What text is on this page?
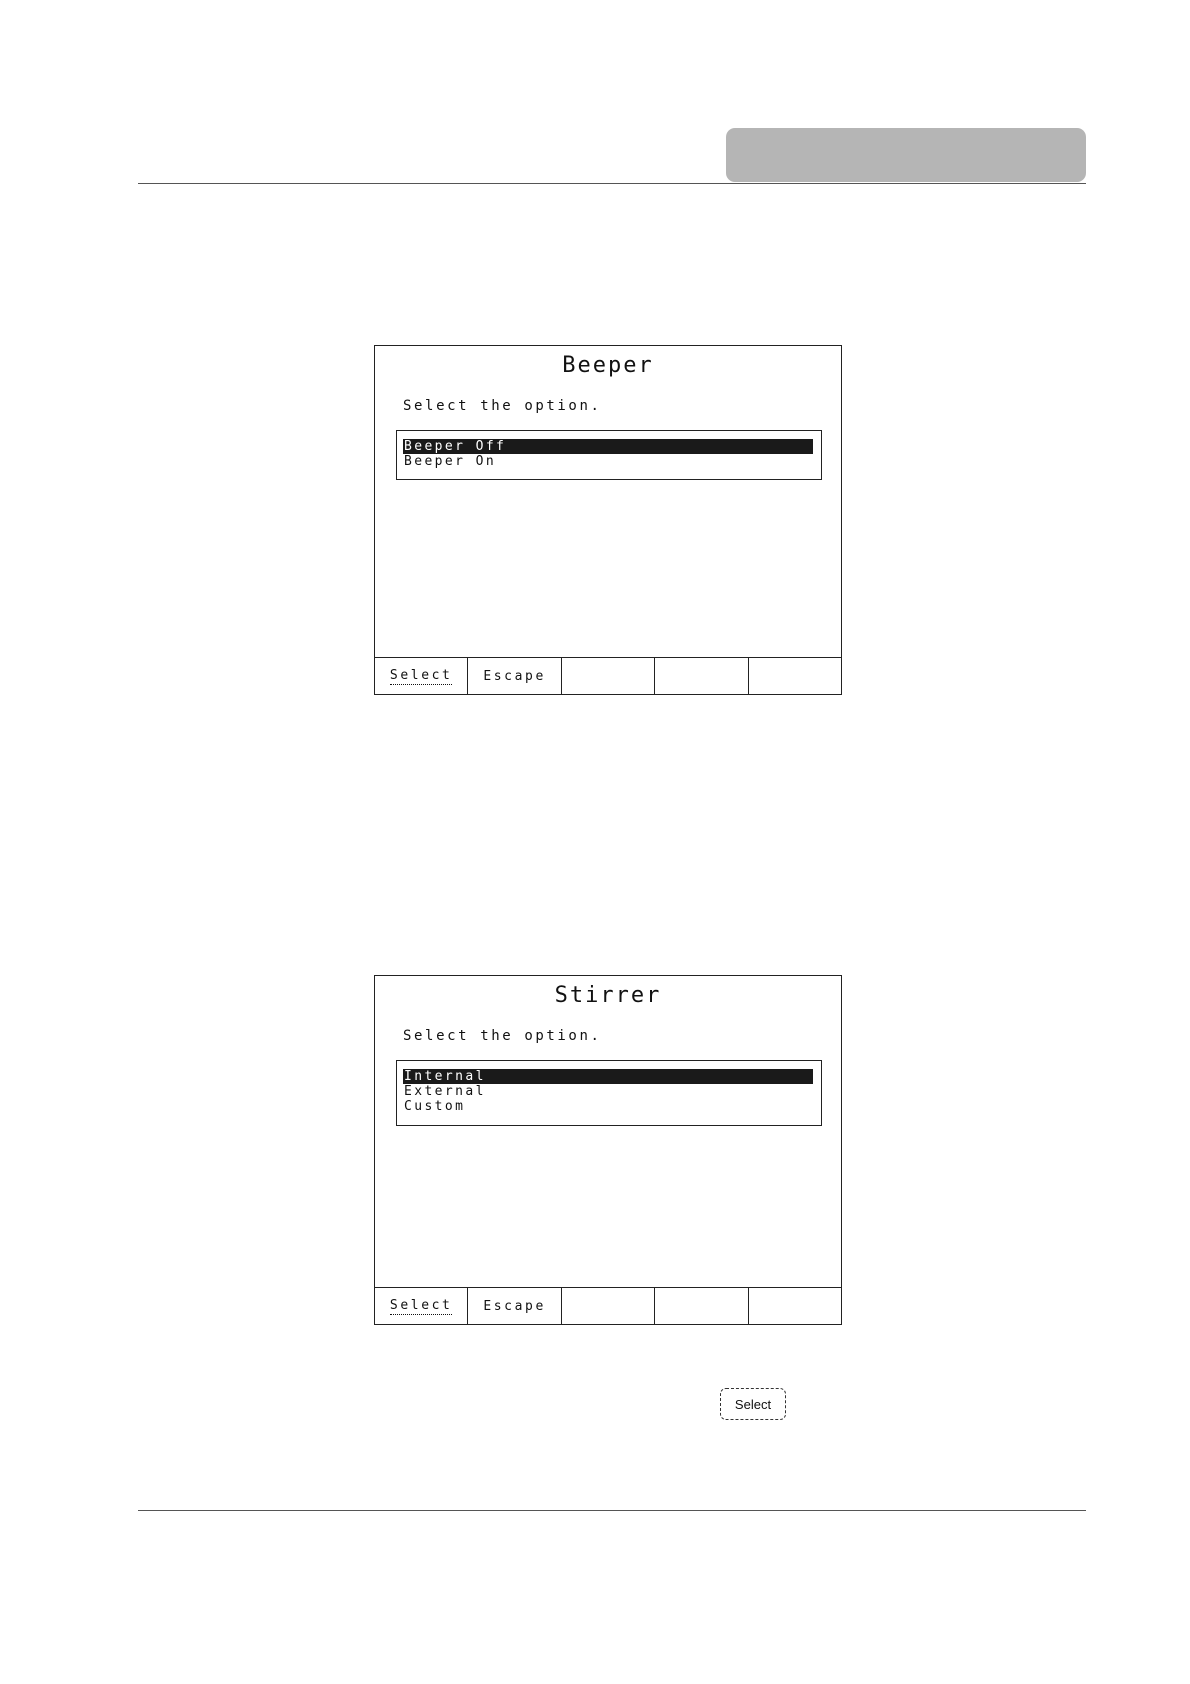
Beeper
Select the option.
Beeper Off
Beeper On
Select Escape
Stirrer
Select the option.
Internal
External
Custom
Select Escape
Select
